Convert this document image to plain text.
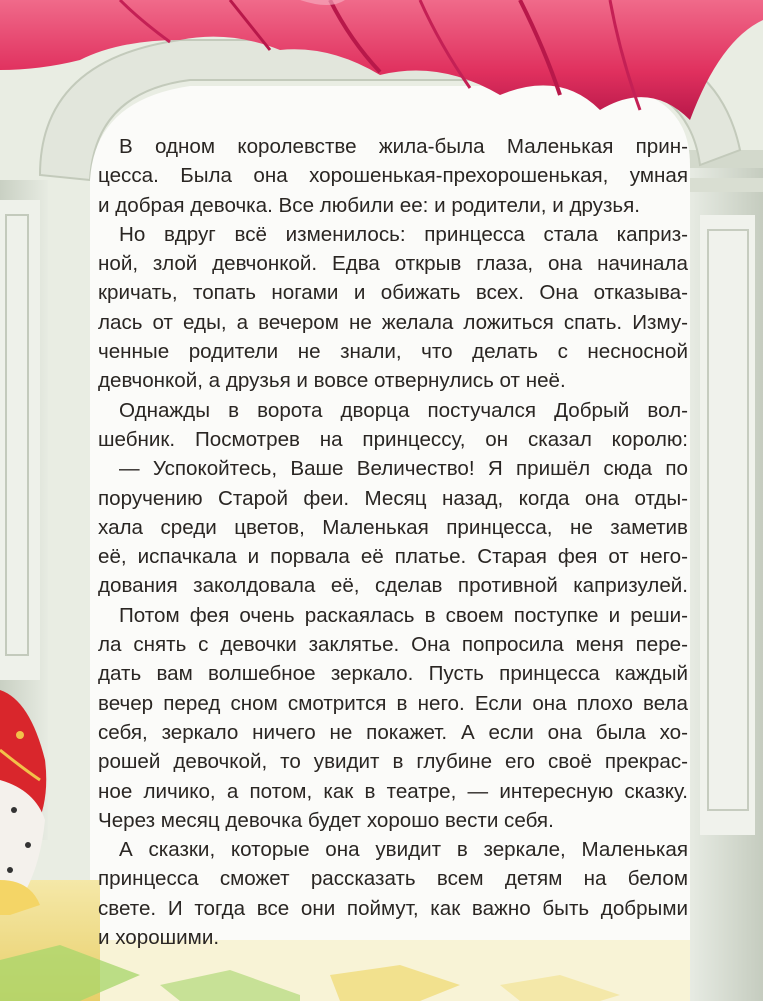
В одном королевстве жила-была Маленькая прин-
цесса. Была она хорошенькая-прехорошенькая, умная
и добрая девочка. Все любили ее: и родители, и друзья.

Но вдруг всё изменилось: принцесса стала каприз-
ной, злой девчонкой. Едва открыв глаза, она начинала
кричать, топать ногами и обижать всех. Она отказыва-
лась от еды, а вечером не желала ложиться спать. Изму-
ченные родители не знали, что делать с несносной
девчонкой, а друзья и вовсе отвернулись от неё.

Однажды в ворота дворца постучался Добрый вол-
шебник. Посмотрев на принцессу, он сказал королю:

— Успокойтесь, Ваше Величество! Я пришёл сюда по
поручению Старой феи. Месяц назад, когда она отды-
хала среди цветов, Маленькая принцесса, не заметив
её, испачкала и порвала её платье. Старая фея от него-
дования заколдовала её, сделав противной капризулей.

Потом фея очень раскаялась в своем поступке и реши-
ла снять с девочки заклятье. Она попросила меня пере-
дать вам волшебное зеркало. Пусть принцесса каждый
вечер перед сном смотрится в него. Если она плохо вела
себя, зеркало ничего не покажет. А если она была хо-
рошей девочкой, то увидит в глубине его своё прекрас-
ное личико, а потом, как в театре, — интересную сказку.
Через месяц девочка будет хорошо вести себя.

А сказки, которые она увидит в зеркале, Маленькая
принцесса сможет рассказать всем детям на белом
свете. И тогда все они поймут, как важно быть добрыми
и хорошими.
